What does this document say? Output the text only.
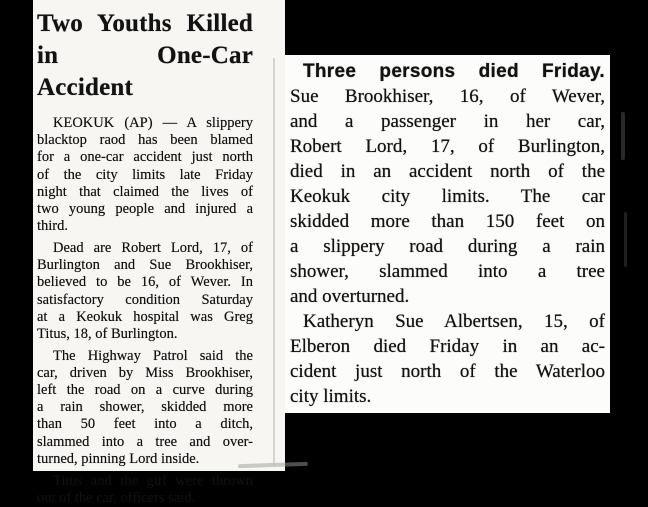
Two Youths Killed
in One-Car Accident
KEOKUK (AP) — A slippery
blacktop raod has been blamed
for a one-car accident just north
of the city limits late Friday
night that claimed the lives of
two young people and injured a
third.
Dead are Robert Lord, 17, of
Burlington and Sue Brookhiser,
believed to be 16, of Wever. In
satisfactory condition Saturday
at a Keokuk hospital was Greg
Titus, 18, of Burlington.
The Highway Patrol said the
car, driven by Miss Brookhiser,
left the road on a curve during
a rain shower, skidded more
than 50 feet into a ditch,
slammed into a tree and over-
turned, pinning Lord inside.
Titus and the girl were thrown
out of the car, officers said.
Three persons died Friday.
Sue Brookhiser, 16, of Wever,
and a passenger in her car,
Robert Lord, 17, of Burlington,
died in an accident north of the
Keokuk city limits. The car
skidded more than 150 feet on
a slippery road during a rain
shower, slammed into a tree
and overturned.
Katheryn Sue Albertsen, 15, of
Elberon died Friday in an ac-
cident just north of the Waterloo
city limits.
